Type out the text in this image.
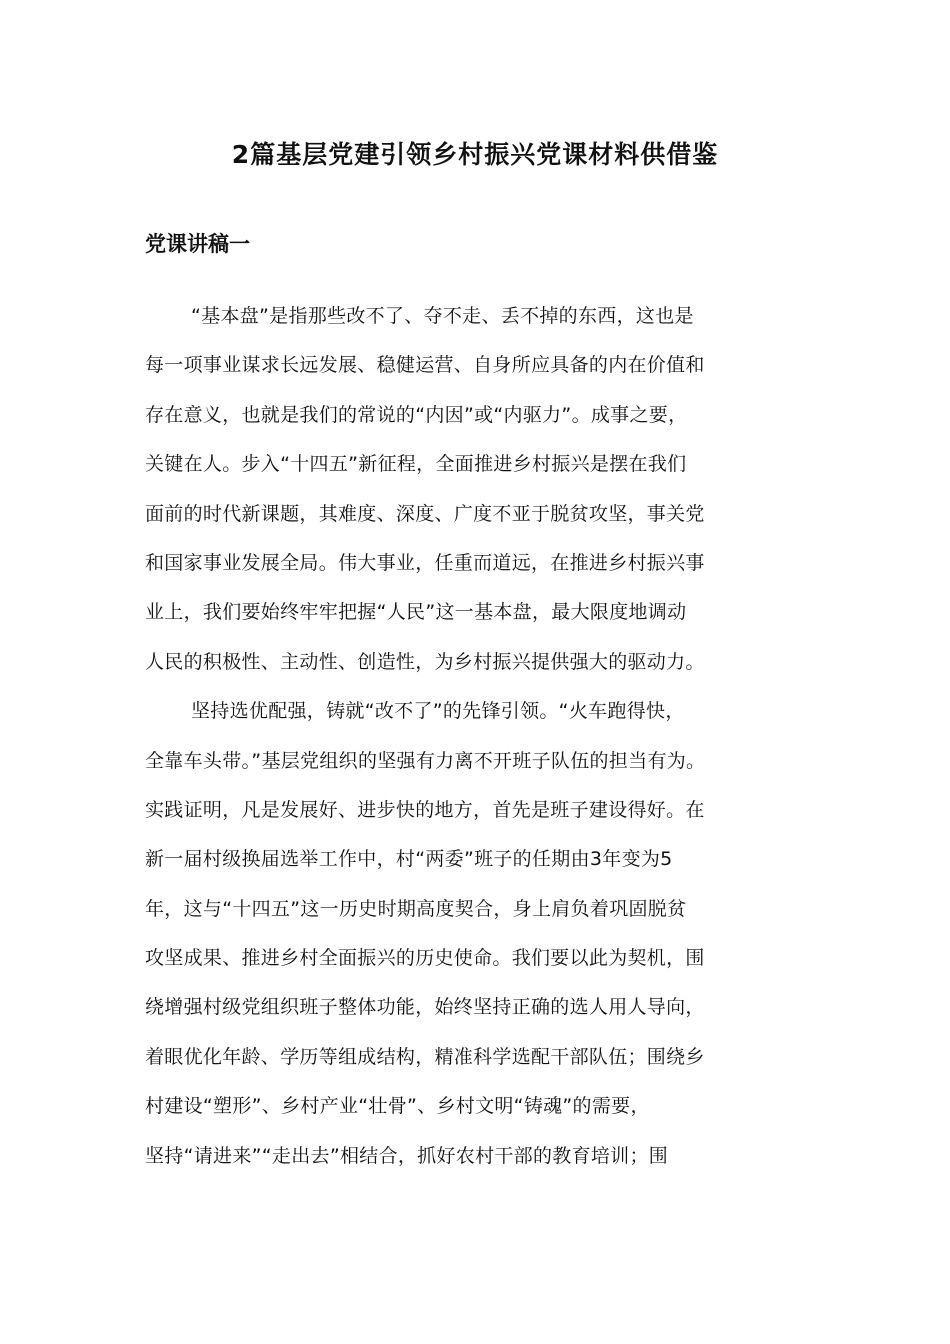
2篇基层党建引领乡村振兴党课材料供借鉴
党课讲稿一
“基本盘”是指那些改不了、夺不走、丢不掉的东西，这也是
每一项事业谋求长远发展、稳健运营、自身所应具备的内在价值和
存在意义，也就是我们的常说的“内因”或“内驱力”。成事之要，
关键在人。步入“十四五”新征程，全面推进乡村振兴是摆在我们
面前的时代新课题，其难度、深度、广度不亚于脱贫攻坚，事关党
和国家事业发展全局。伟大事业，任重而道远，在推进乡村振兴事
业上，我们要始终牢牢把握“人民”这一基本盘，最大限度地调动
人民的积极性、主动性、创造性，为乡村振兴提供强大的驱动力。
坚持选优配强，铸就“改不了”的先锋引领。“火车跑得快，
全靠车头带。”基层党组织的坚强有力离不开班子队伍的担当有为。
实践证明，凡是发展好、进步快的地方，首先是班子建设得好。在
新一届村级换届选举工作中，村“两委”班子的任期由3年变为5
年，这与“十四五”这一历史时期高度契合，身上肩负着巩固脱贫
攻坚成果、推进乡村全面振兴的历史使命。我们要以此为契机，围
绕增强村级党组织班子整体功能，始终坚持正确的选人用人导向，
着眼优化年龄、学历等组成结构，精准科学选配干部队伍；围绕乡
村建设“塑形”、乡村产业“壮骨”、乡村文明“铸魂”的需要，
坚持“请进来”“走出去”相结合，抓好农村干部的教育培训；围
